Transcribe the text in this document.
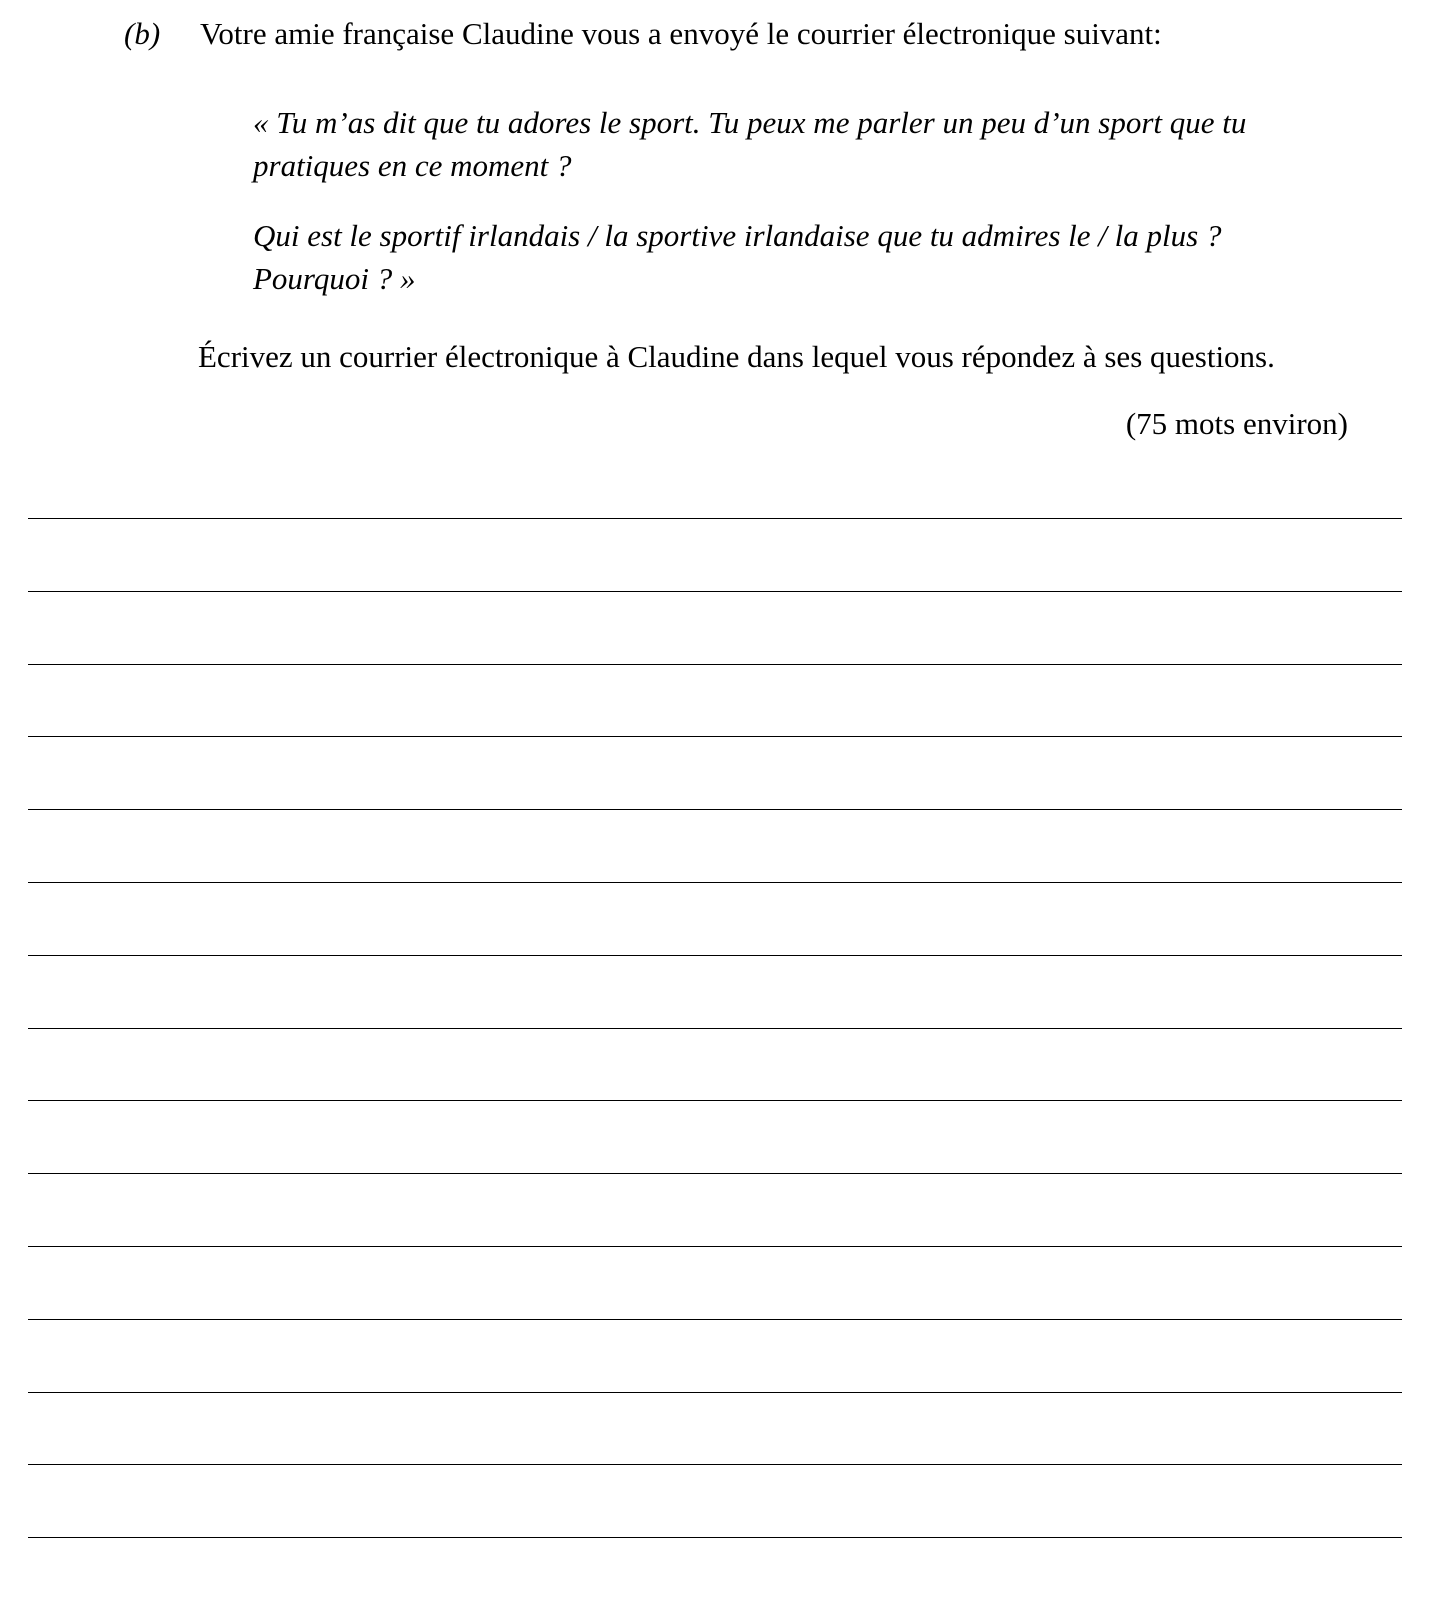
(b) Votre amie française Claudine vous a envoyé le courrier électronique suivant:
« Tu m’as dit que tu adores le sport. Tu peux me parler un peu d’un sport que tu
pratiques en ce moment ?
Qui est le sportif irlandais / la sportive irlandaise que tu admires le / la plus ?
Pourquoi ? »
Écrivez un courrier électronique à Claudine dans lequel vous répondez à ses questions.
(75 mots environ)
